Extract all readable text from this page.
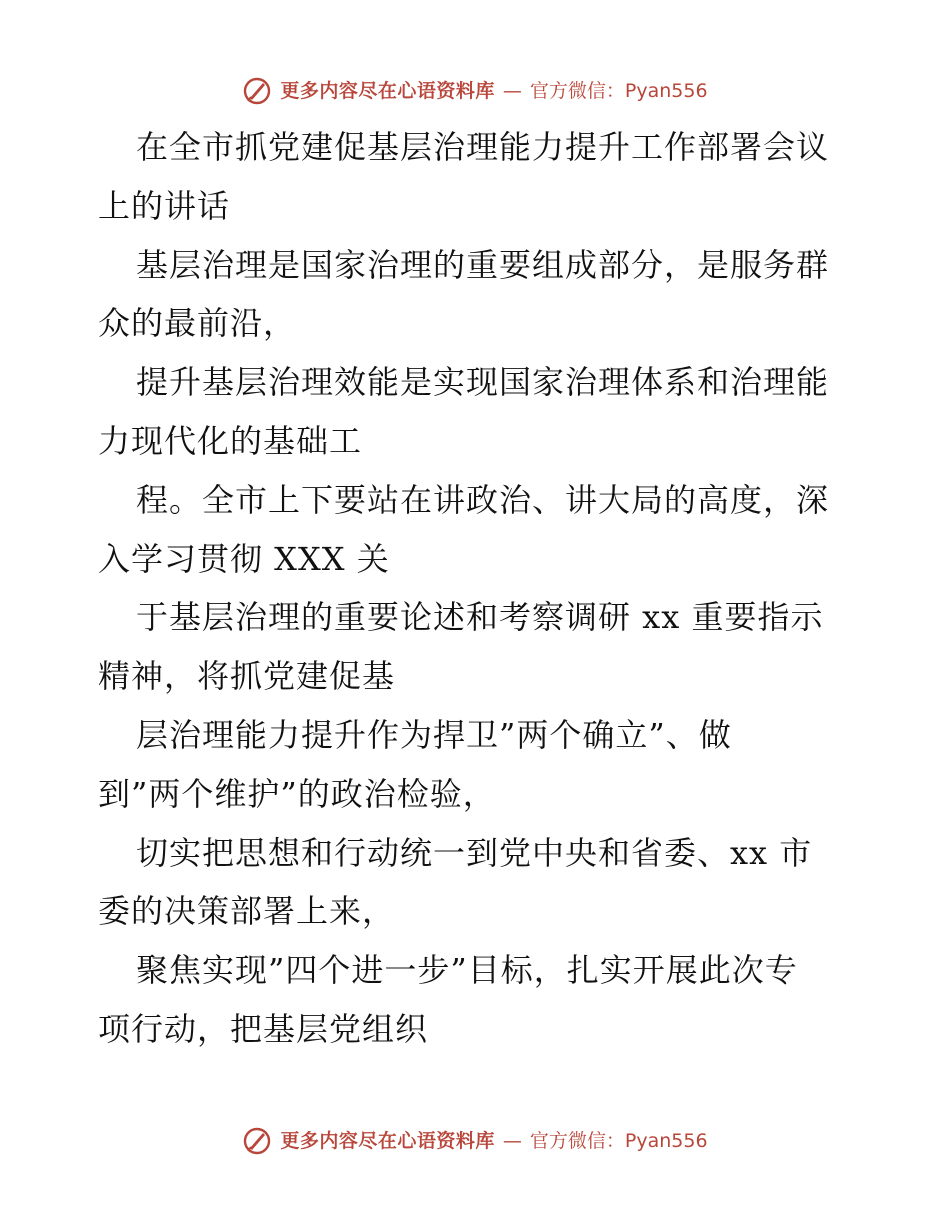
更多内容尽在心语资料库 — 官方微信：Pyan556
在全市抓党建促基层治理能力提升工作部署会议
上的讲话
基层治理是国家治理的重要组成部分，是服务群
众的最前沿，
提升基层治理效能是实现国家治理体系和治理能
力现代化的基础工
程。全市上下要站在讲政治、讲大局的高度，深
入学习贯彻 XXX 关
于基层治理的重要论述和考察调研 xx 重要指示
精神，将抓党建促基
层治理能力提升作为捍卫”两个确立”、做
到”两个维护”的政治检验，
切实把思想和行动统一到党中央和省委、xx 市
委的决策部署上来，
聚焦实现”四个进一步”目标，扎实开展此次专
项行动，把基层党组织
更多内容尽在心语资料库 — 官方微信：Pyan556
